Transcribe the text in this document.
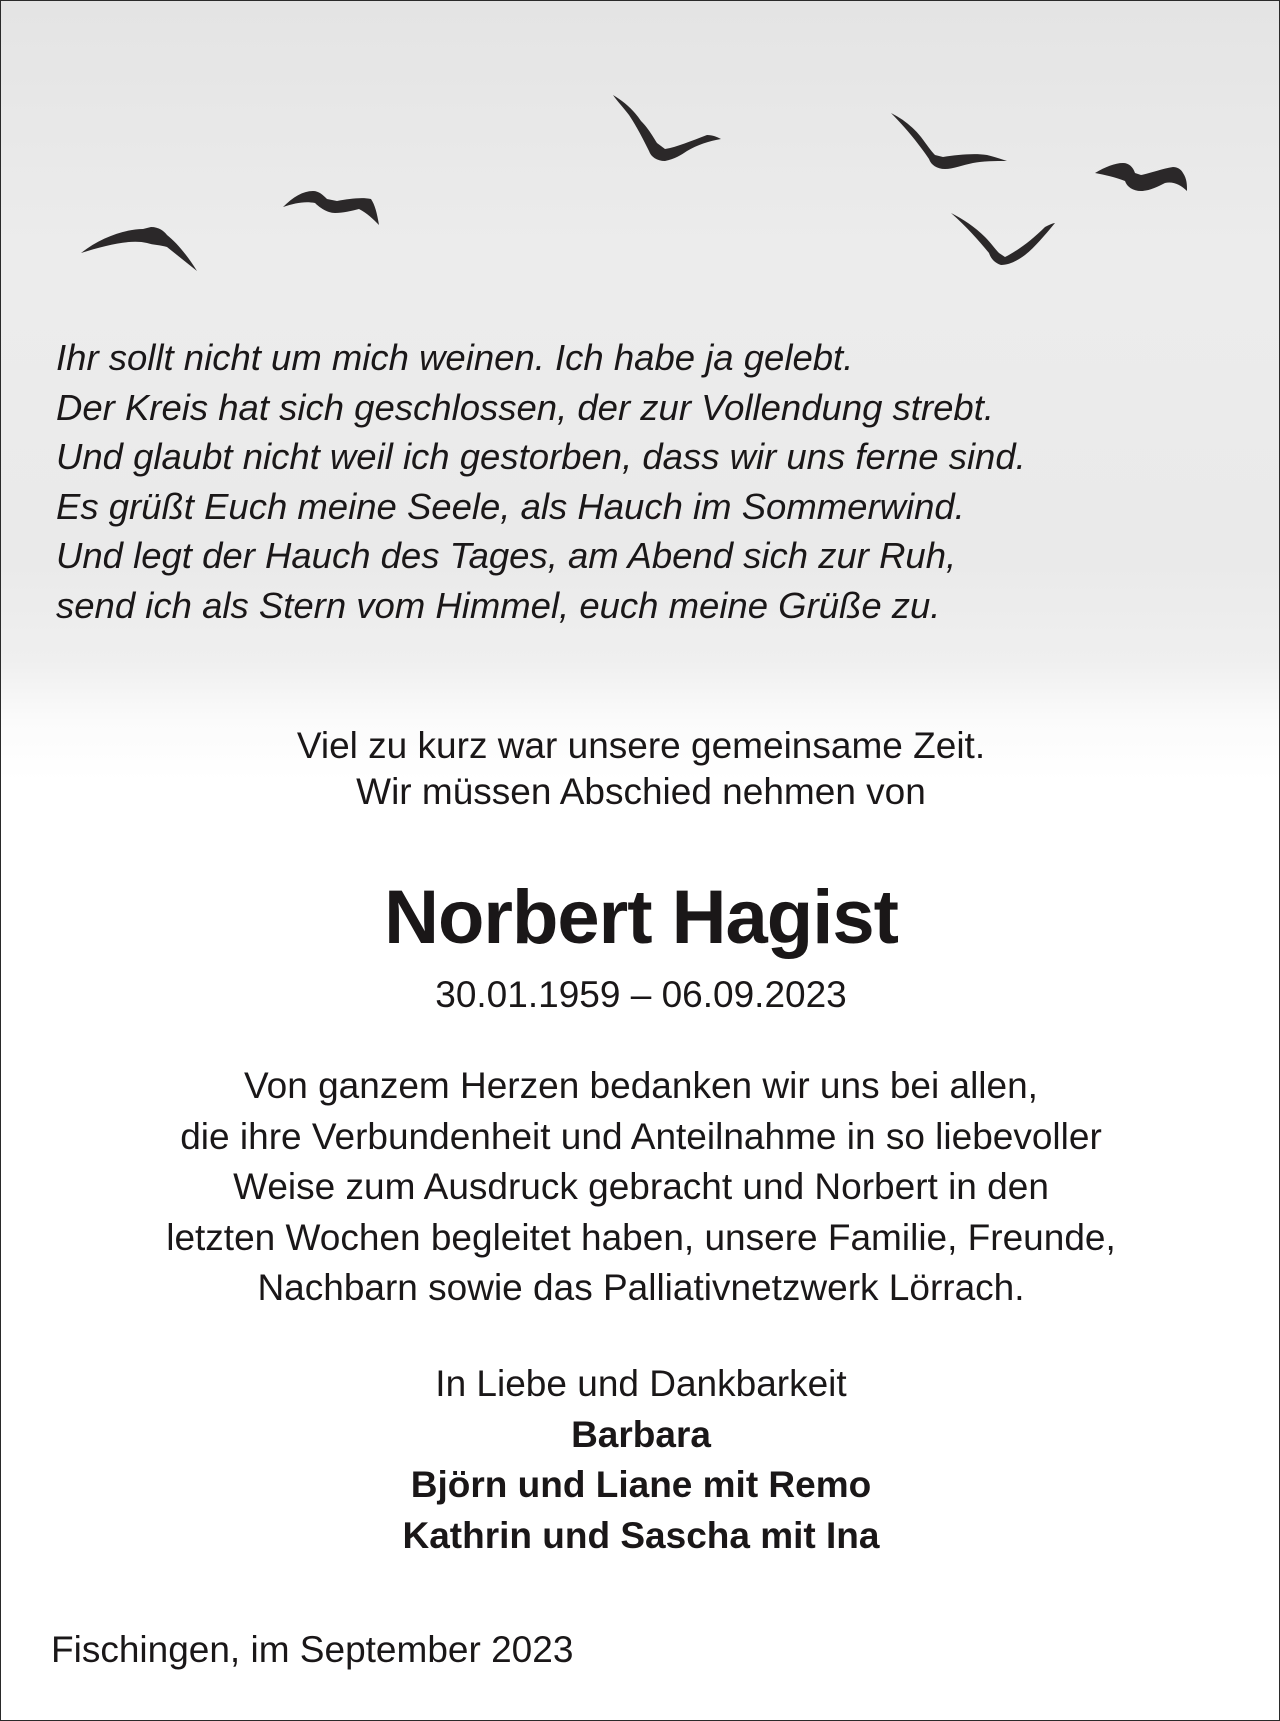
Ihr sollt nicht um mich weinen. Ich habe ja gelebt.
Der Kreis hat sich geschlossen, der zur Vollendung strebt.
Und glaubt nicht weil ich gestorben, dass wir uns ferne sind.
Es grüßt Euch meine Seele, als Hauch im Sommerwind.
Und legt der Hauch des Tages, am Abend sich zur Ruh,
send ich als Stern vom Himmel, euch meine Grüße zu.
Viel zu kurz war unsere gemeinsame Zeit.
Wir müssen Abschied nehmen von
Norbert Hagist
30.01.1959 – 06.09.2023
Von ganzem Herzen bedanken wir uns bei allen,
die ihre Verbundenheit und Anteilnahme in so liebevoller
Weise zum Ausdruck gebracht und Norbert in den
letzten Wochen begleitet haben, unsere Familie, Freunde,
Nachbarn sowie das Palliativnetzwerk Lörrach.
In Liebe und Dankbarkeit
Barbara
Björn und Liane mit Remo
Kathrin und Sascha mit Ina
Fischingen, im September 2023
